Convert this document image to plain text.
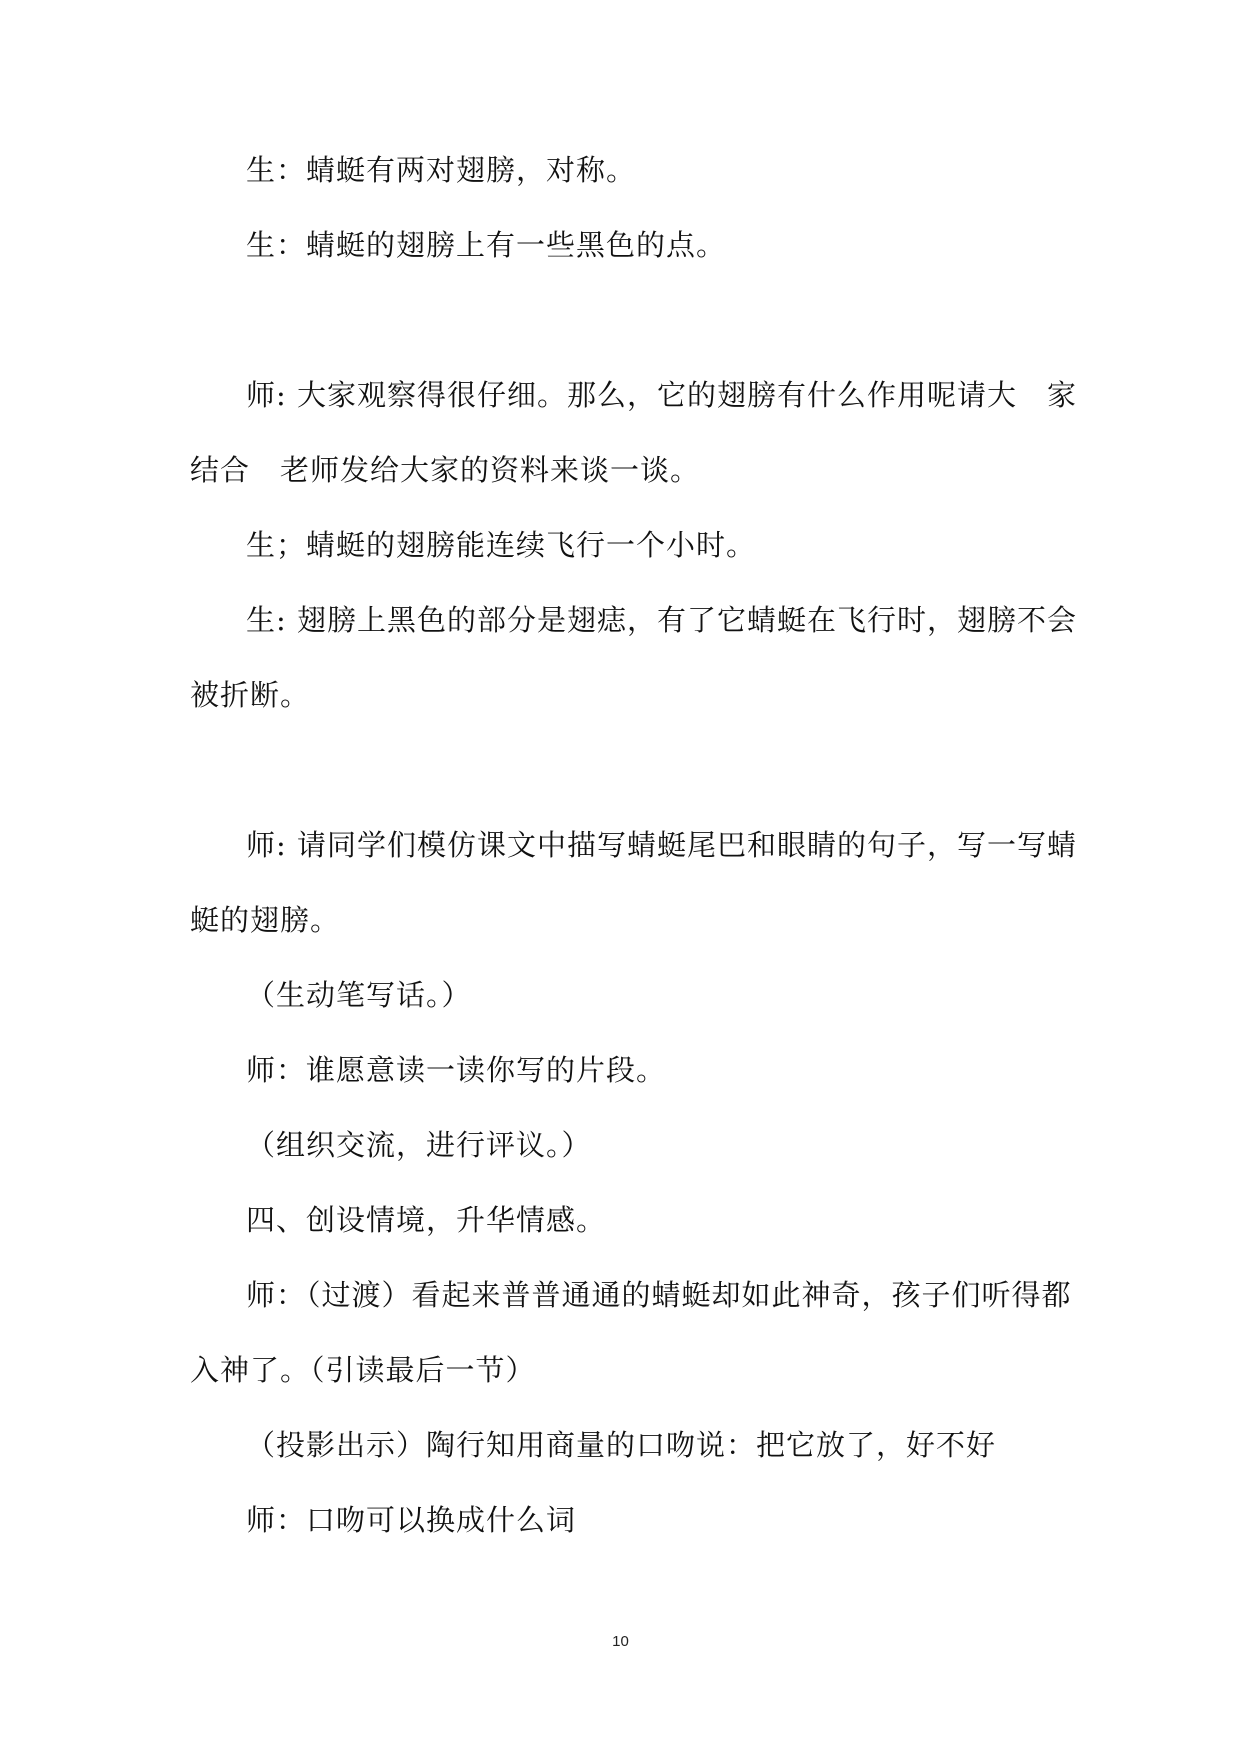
生：蜻蜓有两对翅膀，对称。
生：蜻蜓的翅膀上有一些黑色的点。
师: 大家观察得很仔细。那么，它的翅膀有什么作用呢请大　家
结合　老师发给大家的资料来谈一谈。
生；蜻蜓的翅膀能连续飞行一个小时。
生: 翅膀上黑色的部分是翅痣，有了它蜻蜓在飞行时，翅膀不会
被折断。
师: 请同学们模仿课文中描写蜻蜓尾巴和眼睛的句子，写一写蜻
蜓的翅膀。
（生动笔写话。）
师：谁愿意读一读你写的片段。
（组织交流，进行评议。）
四、创设情境，升华情感。
师：（过渡）看起来普普通通的蜻蜓却如此神奇，孩子们听得都
入神了。（引读最后一节）
（投影出示）陶行知用商量的口吻说：把它放了，好不好
师：口吻可以换成什么词
10
